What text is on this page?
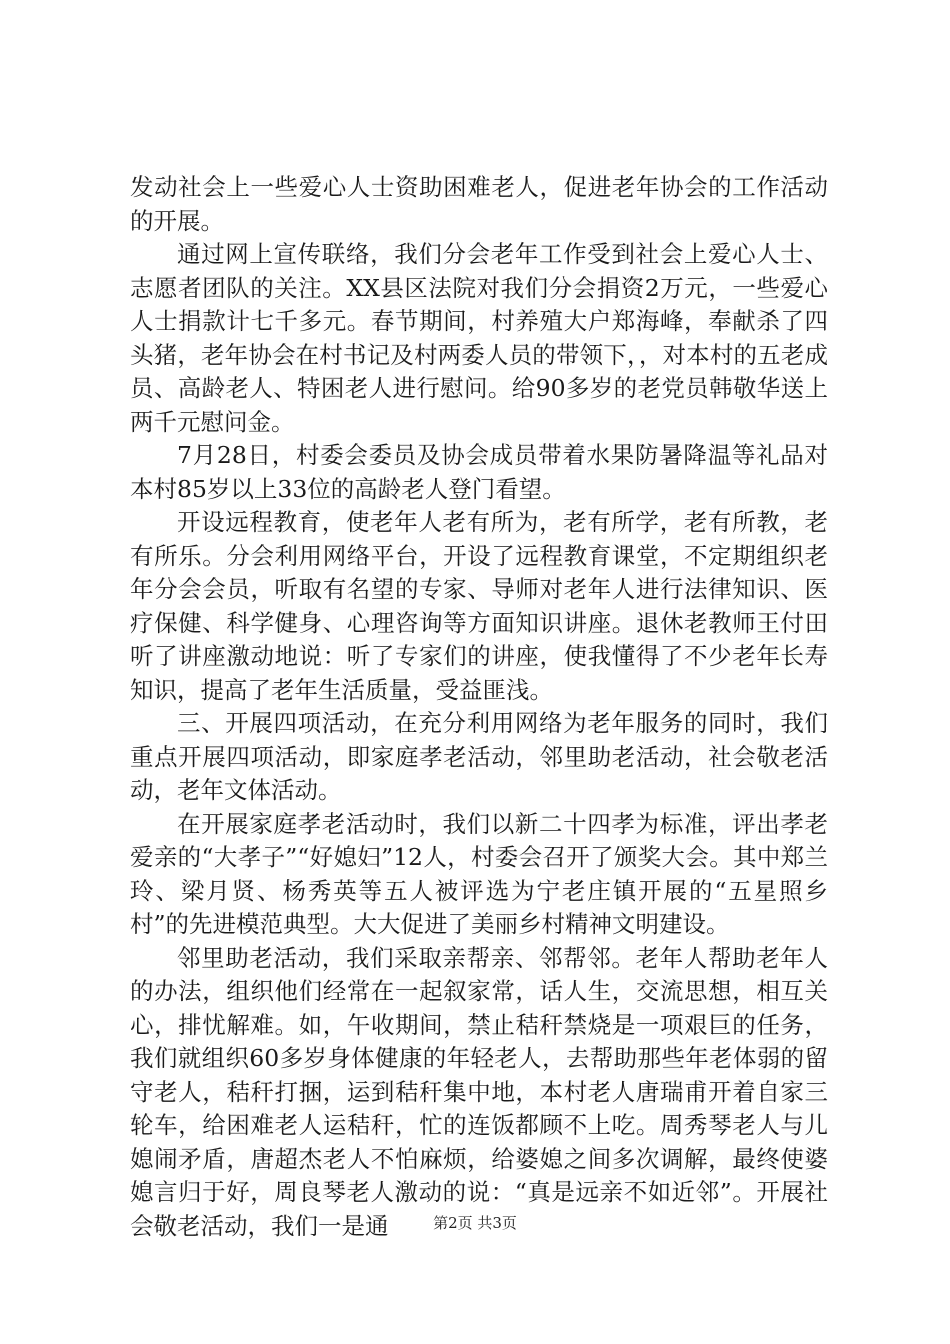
发动社会上一些爱心人士资助困难老人，促进老年协会的工作活动的开展。

通过网上宣传联络，我们分会老年工作受到社会上爱心人士、志愿者团队的关注。XX县区法院对我们分会捐资2万元，一些爱心人士捐款计七千多元。春节期间，村养殖大户郑海峰，奉献杀了四头猪，老年协会在村书记及村两委人员的带领下，，对本村的五老成员、高龄老人、特困老人进行慰问。给90多岁的老党员韩敬华送上两千元慰问金。

7月28日，村委会委员及协会成员带着水果防暑降温等礼品对本村85岁以上33位的高龄老人登门看望。

开设远程教育，使老年人老有所为，老有所学，老有所教，老有所乐。分会利用网络平台，开设了远程教育课堂，不定期组织老年分会会员，听取有名望的专家、导师对老年人进行法律知识、医疗保健、科学健身、心理咨询等方面知识讲座。退休老教师王付田听了讲座激动地说：听了专家们的讲座，使我懂得了不少老年长寿知识，提高了老年生活质量，受益匪浅。

三、开展四项活动，在充分利用网络为老年服务的同时，我们重点开展四项活动，即家庭孝老活动，邻里助老活动，社会敬老活动，老年文体活动。

在开展家庭孝老活动时，我们以新二十四孝为标准，评出孝老爱亲的“大孝子”“好媳妇”12人，村委会召开了颁奖大会。其中郑兰玲、梁月贤、杨秀英等五人被评选为宁老庄镇开展的“五星照乡村”的先进模范典型。大大促进了美丽乡村精神文明建设。

邻里助老活动，我们采取亲帮亲、邻帮邻。老年人帮助老年人的办法，组织他们经常在一起叙家常，话人生，交流思想，相互关心，排忧解难。如，午收期间，禁止秸秆禁烧是一项艰巨的任务，我们就组织60多岁身体健康的年轻老人，去帮助那些年老体弱的留守老人，秸秆打捆，运到秸秆集中地，本村老人唐瑞甫开着自家三轮车，给困难老人运秸秆，忙的连饭都顾不上吃。周秀琴老人与儿媳闹矛盾，唐超杰老人不怕麻烦，给婆媳之间多次调解，最终使婆媳言归于好，周良琴老人激动的说：“真是远亲不如近邻”。开展社会敬老活动，我们一是通	第2页 共3页
